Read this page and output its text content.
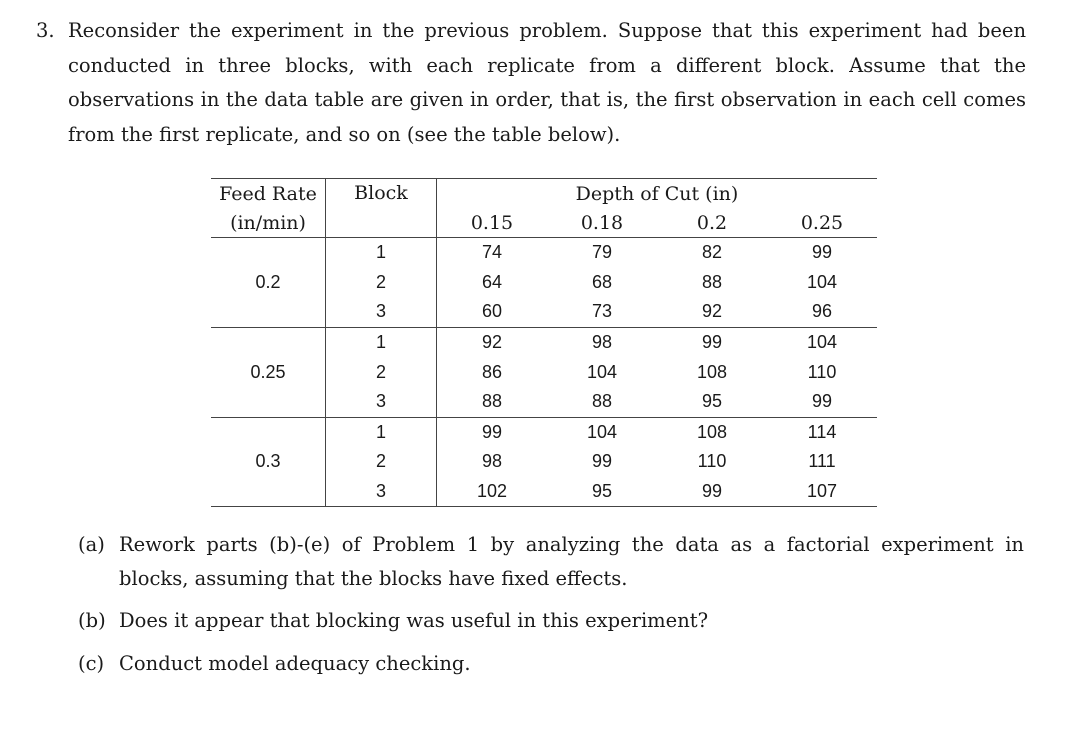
3. Reconsider the experiment in the previous problem. Suppose that this experiment had been conducted in three blocks, with each replicate from a different block. Assume that the observations in the data table are given in order, that is, the first observation in each cell comes from the first replicate, and so on (see the table below).
Feed Rate	Block	Depth of Cut (in)			
(in/min)		0.15	0.18	0.2	0.25
0.2	1	74	79	82	99
	2	64	68	88	104
	3	60	73	92	96
0.25	1	92	98	99	104
	2	86	104	108	110
	3	88	88	95	99
0.3	1	99	104	108	114
	2	98	99	110	111
	3	102	95	99	107
(a) Rework parts (b)-(e) of Problem 1 by analyzing the data as a factorial experiment in blocks, assuming that the blocks have fixed effects.
(b) Does it appear that blocking was useful in this experiment?
(c) Conduct model adequacy checking.
